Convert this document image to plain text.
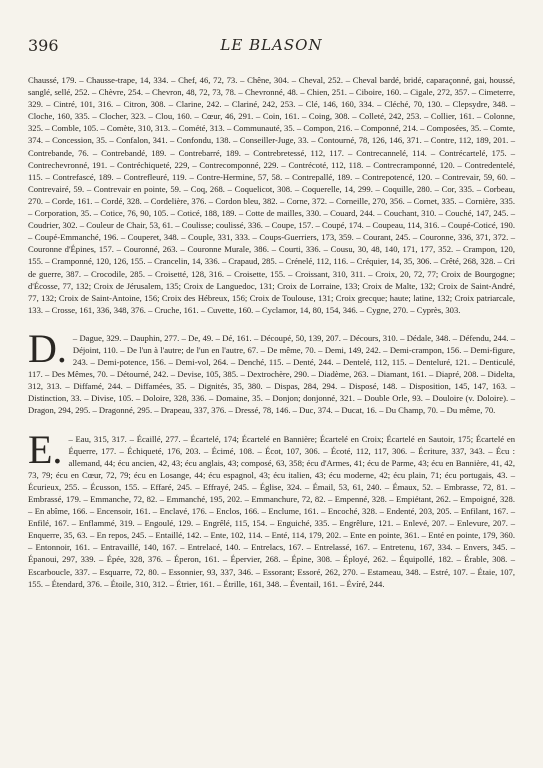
396	LE BLASON

Chaussé, 179. – Chausse-trape, 14, 334. – Chef, 46, 72, 73. – Chêne, 304. – Cheval, 252. – Cheval bardé, bridé, caparaçonné, gai, houssé, sanglé, sellé, 252. – Chèvre, 254. – Chevron, 48, 72, 73, 78. – Chevronné, 48. – Chien, 251. – Ciboire, 160. – Cigale, 272, 357. – Cimeterre, 329. – Cintré, 101, 316. – Citron, 308. – Clarine, 242. – Clariné, 242, 253. – Clé, 146, 160, 334. – Cléché, 70, 130. – Clepsydre, 348. – Cloche, 160, 335. – Clocher, 323. – Clou, 160. – Cœur, 46, 291. – Coin, 161. – Coing, 308. – Colleté, 242, 253. – Collier, 161. – Colonne, 325. – Comble, 105. – Comète, 310, 313. – Comété, 313. – Communauté, 35. – Compon, 216. – Componné, 214. – Composées, 35. – Comte, 374. – Concession, 35. – Confalon, 341. – Confondu, 138. – Conseiller-Juge, 33. – Contourné, 78, 126, 146, 371. – Contre, 112, 189, 201. – Contrebande, 76. – Contrebandé, 189. – Contrebarré, 189. – Contrebretessé, 112, 117. – Contrecannelé, 114. – Contrécartelé, 175. – Contrechevronné, 191. – Contréchiqueté, 229, – Contrecomponné, 229. – Contrécoté, 112, 118. – Contrecramponné, 120. – Contredentelé, 115. – Contrefascé, 189. – Contrefleuré, 119. – Contre-Hermine, 57, 58. – Contrepallé, 189. – Contrepotencé, 120. – Contrevair, 59, 60. – Contrevairé, 59. – Contrevair en pointe, 59. – Coq, 268. – Coquelicot, 308. – Coquerelle, 14, 299. – Coquille, 280. – Cor, 335. – Corbeau, 270. – Corde, 161. – Cordé, 328. – Cordelière, 376. – Cordon bleu, 382. – Corne, 372. – Corneille, 270, 356. – Cornet, 335. – Cornière, 335. – Corporation, 35. – Cotice, 76, 90, 105. – Coticé, 188, 189. – Cotte de mailles, 330. – Couard, 244. – Couchant, 310. – Couché, 147, 245. – Coudrier, 302. – Couleur de Chair, 53, 61. – Coulisse; coulissé, 336. – Coupe, 157. – Coupé, 174. – Coupeau, 114, 316. – Coupé-Coticé, 190. – Coupé-Emmanché, 196. – Couperet, 348. – Couple, 331, 333. – Coups-Guerriers, 173, 359. – Courant, 245. – Couronne, 336, 371, 372. – Couronne d'Épines, 157. – Couronné, 263. – Couronne Murale, 386. – Courti, 336. – Cousu, 30, 48, 140, 171, 177, 352. – Crampon, 120, 155. – Cramponné, 120, 126, 155. – Crancelin, 14, 336. – Crapaud, 285. – Crénelé, 112, 116. – Créquier, 14, 35, 306. – Crêté, 268, 328. – Cri de guerre, 387. – Crocodile, 285. – Croisetté, 128, 316. – Croisette, 155. – Croissant, 310, 311. – Croix, 20, 72, 77; Croix de Bourgogne; d'Écosse, 77, 132; Croix de Jérusalem, 135; Croix de Languedoc, 131; Croix de Lorraine, 133; Croix de Malte, 132; Croix de Saint-André, 77, 132; Croix de Saint-Antoine, 156; Croix des Hébreux, 156; Croix de Toulouse, 131; Croix grecque; haute; latine, 132; Croix patriarcale, 133. – Crosse, 161, 336, 348, 376. – Cruche, 161. – Cuvette, 160. – Cyclamor, 14, 80, 154, 346. – Cygne, 270. – Cyprès, 303.

D. – Dague, 329. – Dauphin, 277. – De, 49. – Dé, 161. – Découpé, 50, 139, 207. – Décours, 310. – Dédale, 348. – Défendu, 244. – Déjoint, 110. – De l'un à l'autre; de l'un en l'autre, 67. – De même, 70. – Demi, 149, 242. – Demi-crampon, 156. – Demi-figure, 243. – Demi-potence, 156. – Demi-vol, 264. – Denché, 115. – Denté, 244. – Dentelé, 112, 115. – Denteluré, 121. – Denticulé, 117. – Des Mêmes, 70. – Détourné, 242. – Devise, 105, 385. – Dextrochère, 290. – Diadème, 263. – Diamant, 161. – Diapré, 208. – Didelta, 312, 313. – Diffamé, 244. – Diffamées, 35. – Dignités, 35, 380. – Dispas, 284, 294. – Disposé, 148. – Disposition, 145, 147, 163. – Distinction, 33. – Divise, 105. – Doloire, 328, 336. – Domaine, 35. – Donjon; donjonné, 321. – Double Orle, 93. – Douloire (v. Doloire). – Dragon, 294, 295. – Dragonné, 295. – Drapeau, 337, 376. – Dressé, 78, 146. – Duc, 374. – Ducat, 16. – Du Champ, 70. – Du même, 70.

E. – Eau, 315, 317. – Écaillé, 277. – Écartelé, 174; Écartelé en Bannière; Écartelé en Croix; Écartelé en Sautoir, 175; Écartelé en Équerre, 177. – Échiqueté, 176, 203. – Écimé, 108. – Écot, 107, 306. – Écoté, 112, 117, 306. – Écriture, 337, 343. – Écu : allemand, 44; écu ancien, 42, 43; écu anglais, 43; composé, 63, 358; écu d'Armes, 41; écu de Parme, 43; écu en Bannière, 41, 42, 73, 79; écu en Cœur, 72, 79; écu en Losange, 44; écu espagnol, 43; écu italien, 43; écu moderne, 42; écu plain, 71; écu portugais, 43. – Écurieux, 255. – Écusson, 155. – Effaré, 245. – Effrayé, 245. – Église, 324. – Émail, 53, 61, 240. – Émaux, 52. – Embrasse, 72, 81. – Embrassé, 179. – Emmanche, 72, 82. – Emmanché, 195, 202. – Emmanchure, 72, 82. – Empenné, 328. – Empiétant, 262. – Empoigné, 328. – En abîme, 166. – Encensoir, 161. – Enclavé, 176. – Enclos, 166. – Enclume, 161. – Encoché, 328. – Endenté, 203, 205. – Enfilant, 167. – Enfilé, 167. – Enflammé, 319. – Engoulé, 129. – Engrêlé, 115, 154. – Enguiché, 335. – Engrêlure, 121. – Enlevé, 207. – Enlevure, 207. – Enquerre, 35, 63. – En repos, 245. – Entaillé, 142. – Ente, 102, 114. – Enté, 114, 179, 202. – Ente en pointe, 361. – Enté en pointe, 179, 360. – Entonnoir, 161. – Entravaillé, 140, 167. – Entrelacé, 140. – Entrelacs, 167. – Entrelassé, 167. – Entretenu, 167, 334. – Envers, 345. – Épanoui, 297, 339. – Épée, 328, 376. – Éperon, 161. – Épervier, 268. – Épine, 308. – Éployé, 262. – Équipollé, 182. – Érable, 308. – Escarboucle, 337. – Esquarre, 72, 80. – Essonnier, 93, 337, 346. – Essorant; Essoré, 262, 270. – Estameau, 348. – Estré, 107. – Étaie, 107, 155. – Étendard, 376. – Étoile, 310, 312. – Étrier, 161. – Étrille, 161, 348. – Éventail, 161. – Évíré, 244.
